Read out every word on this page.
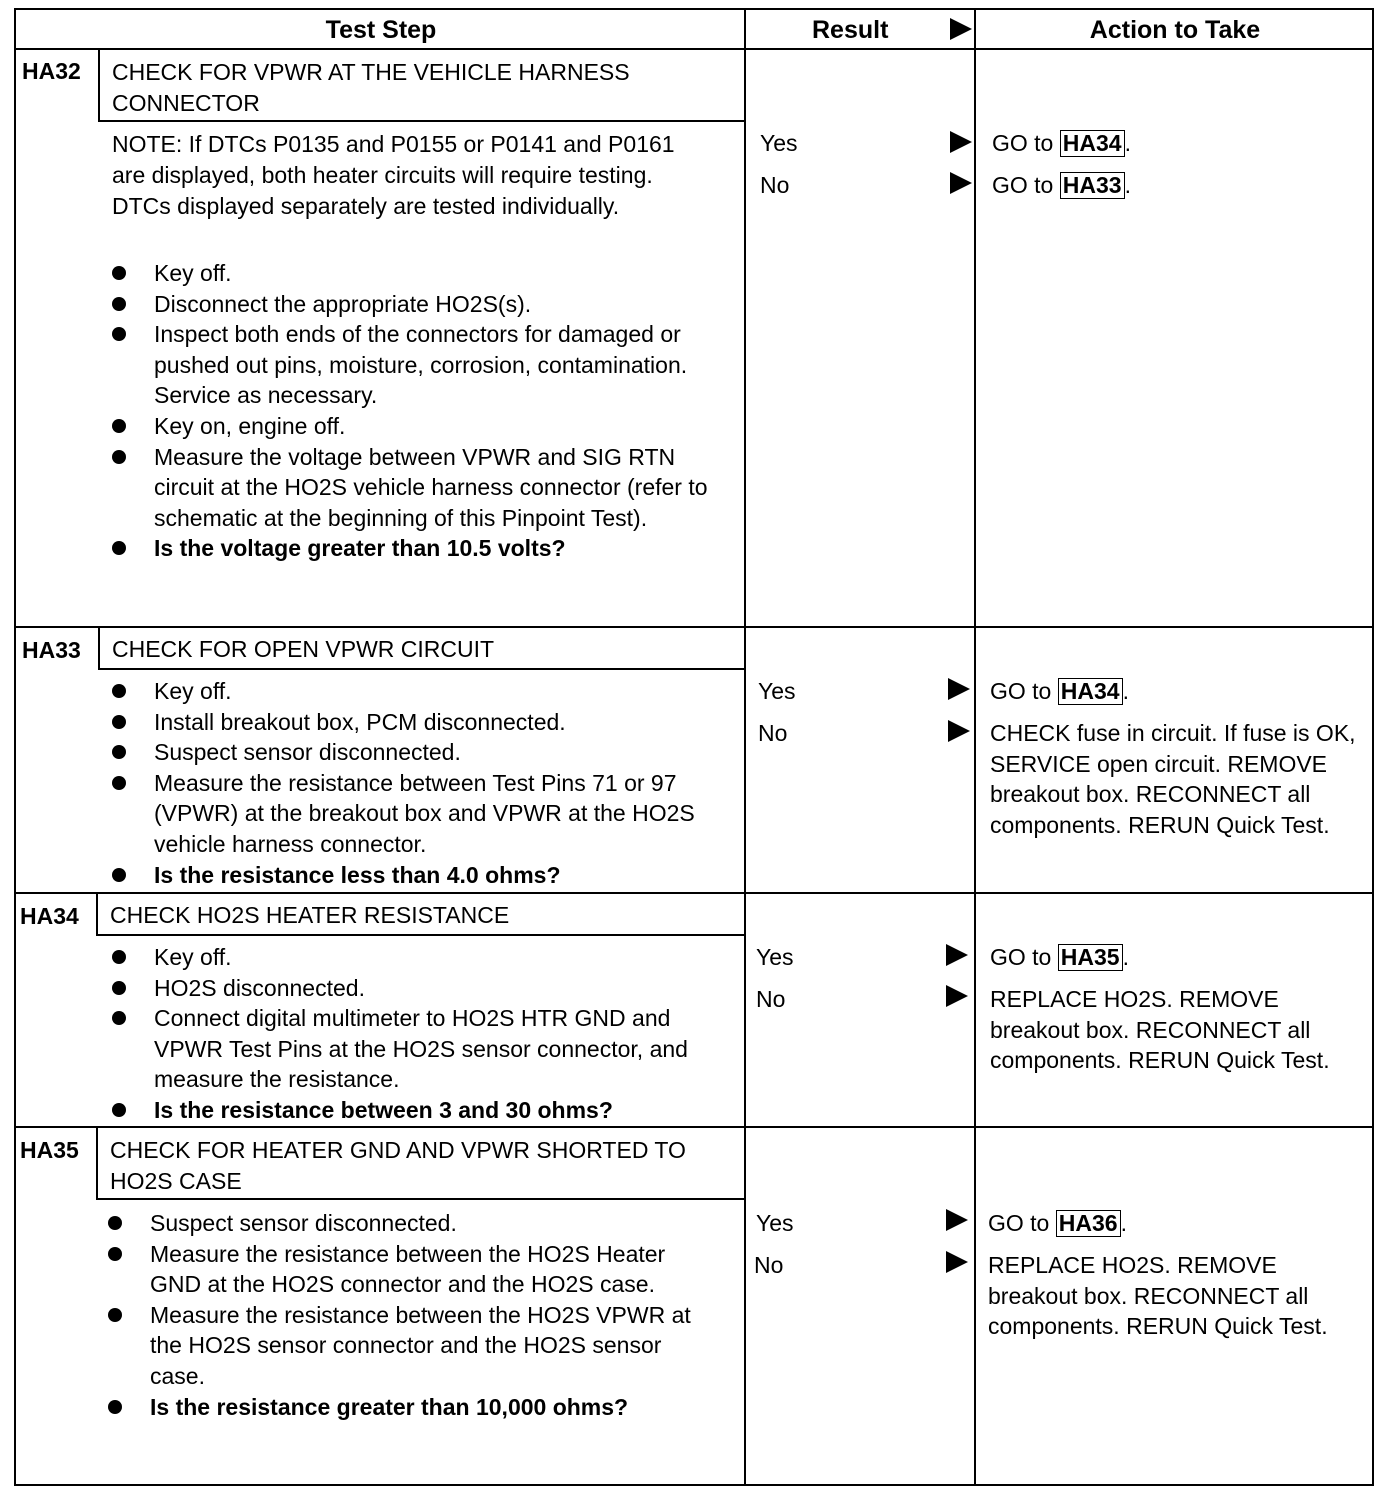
Test Step	Result	Action to Take
HA32 CHECK FOR VPWR AT THE VEHICLE HARNESS CONNECTOR
NOTE: If DTCs P0135 and P0155 or P0141 and P0161 are displayed, both heater circuits will require testing. DTCs displayed separately are tested individually.
Key off.
Disconnect the appropriate HO2S(s).
Inspect both ends of the connectors for damaged or pushed out pins, moisture, corrosion, contamination. Service as necessary.
Key on, engine off.
Measure the voltage between VPWR and SIG RTN circuit at the HO2S vehicle harness connector (refer to schematic at the beginning of this Pinpoint Test).
Is the voltage greater than 10.5 volts?
Yes
No
GO to HA34 .
GO to HA33 .
HA33 CHECK FOR OPEN VPWR CIRCUIT
Key off.
Install breakout box, PCM disconnected.
Suspect sensor disconnected.
Measure the resistance between Test Pins 71 or 97 (VPWR) at the breakout box and VPWR at the HO2S vehicle harness connector.
Is the resistance less than 4.0 ohms?
Yes
No
GO to HA34 .
CHECK fuse in circuit. If fuse is OK, SERVICE open circuit. REMOVE breakout box. RECONNECT all components. RERUN Quick Test.
HA34 CHECK HO2S HEATER RESISTANCE
Key off.
HO2S disconnected.
Connect digital multimeter to HO2S HTR GND and VPWR Test Pins at the HO2S sensor connector, and measure the resistance.
Is the resistance between 3 and 30 ohms?
Yes
No
GO to HA35 .
REPLACE HO2S. REMOVE breakout box. RECONNECT all components. RERUN Quick Test.
HA35 CHECK FOR HEATER GND AND VPWR SHORTED TO HO2S CASE
Suspect sensor disconnected.
Measure the resistance between the HO2S Heater GND at the HO2S connector and the HO2S case.
Measure the resistance between the HO2S VPWR at the HO2S sensor connector and the HO2S sensor case.
Is the resistance greater than 10,000 ohms?
Yes
No
GO to HA36 .
REPLACE HO2S. REMOVE breakout box. RECONNECT all components. RERUN Quick Test.
